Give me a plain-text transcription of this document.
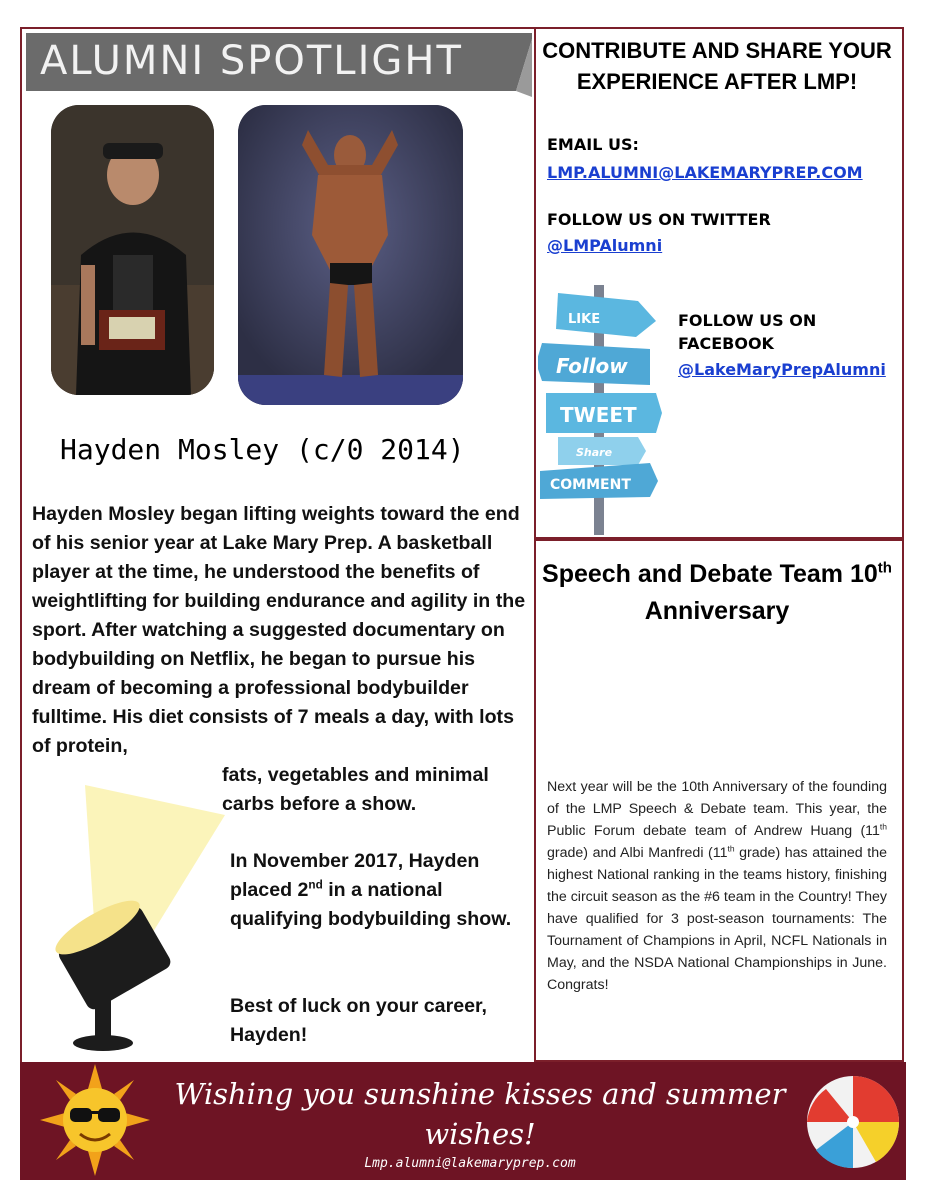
ALUMNI SPOTLIGHT
Hayden Mosley (c/0 2014)
Hayden Mosley began lifting weights toward the end of his senior year at Lake Mary Prep. A basketball player at the time, he understood the benefits of weightlifting for building endurance and agility in the sport. After watching a suggested documentary on bodybuilding on Netflix, he began to pursue his dream of becoming a professional bodybuilder fulltime. His diet consists of 7 meals a day, with lots of protein,
fats, vegetables and minimal carbs before a show.
In November 2017, Hayden placed 2nd in a national qualifying bodybuilding show.
Best of luck on your career, Hayden!
CONTRIBUTE AND SHARE YOUR EXPERIENCE AFTER LMP!
EMAIL US:
LMP.ALUMNI@LAKEMARYPREP.COM
FOLLOW US ON TWITTER
@LMPAlumni
LIKE
Follow
TWEET
Share
COMMENT
FOLLOW US ON FACEBOOK
@LakeMaryPrepAlumni
Speech and Debate Team 10th Anniversary
Next year will be the 10th Anniversary of the founding of the LMP Speech & Debate team. This year, the Public Forum debate team of Andrew Huang (11th grade) and Albi Manfredi (11th grade) has attained the highest National ranking in the teams history, finishing the circuit season as the #6 team in the Country! They have qualified for 3 post-season tournaments: The Tournament of Champions in April, NCFL Nationals in May, and the NSDA National Championships in June. Congrats!
Wishing you sunshine kisses and summer wishes!
Lmp.alumni@lakemaryprep.com
